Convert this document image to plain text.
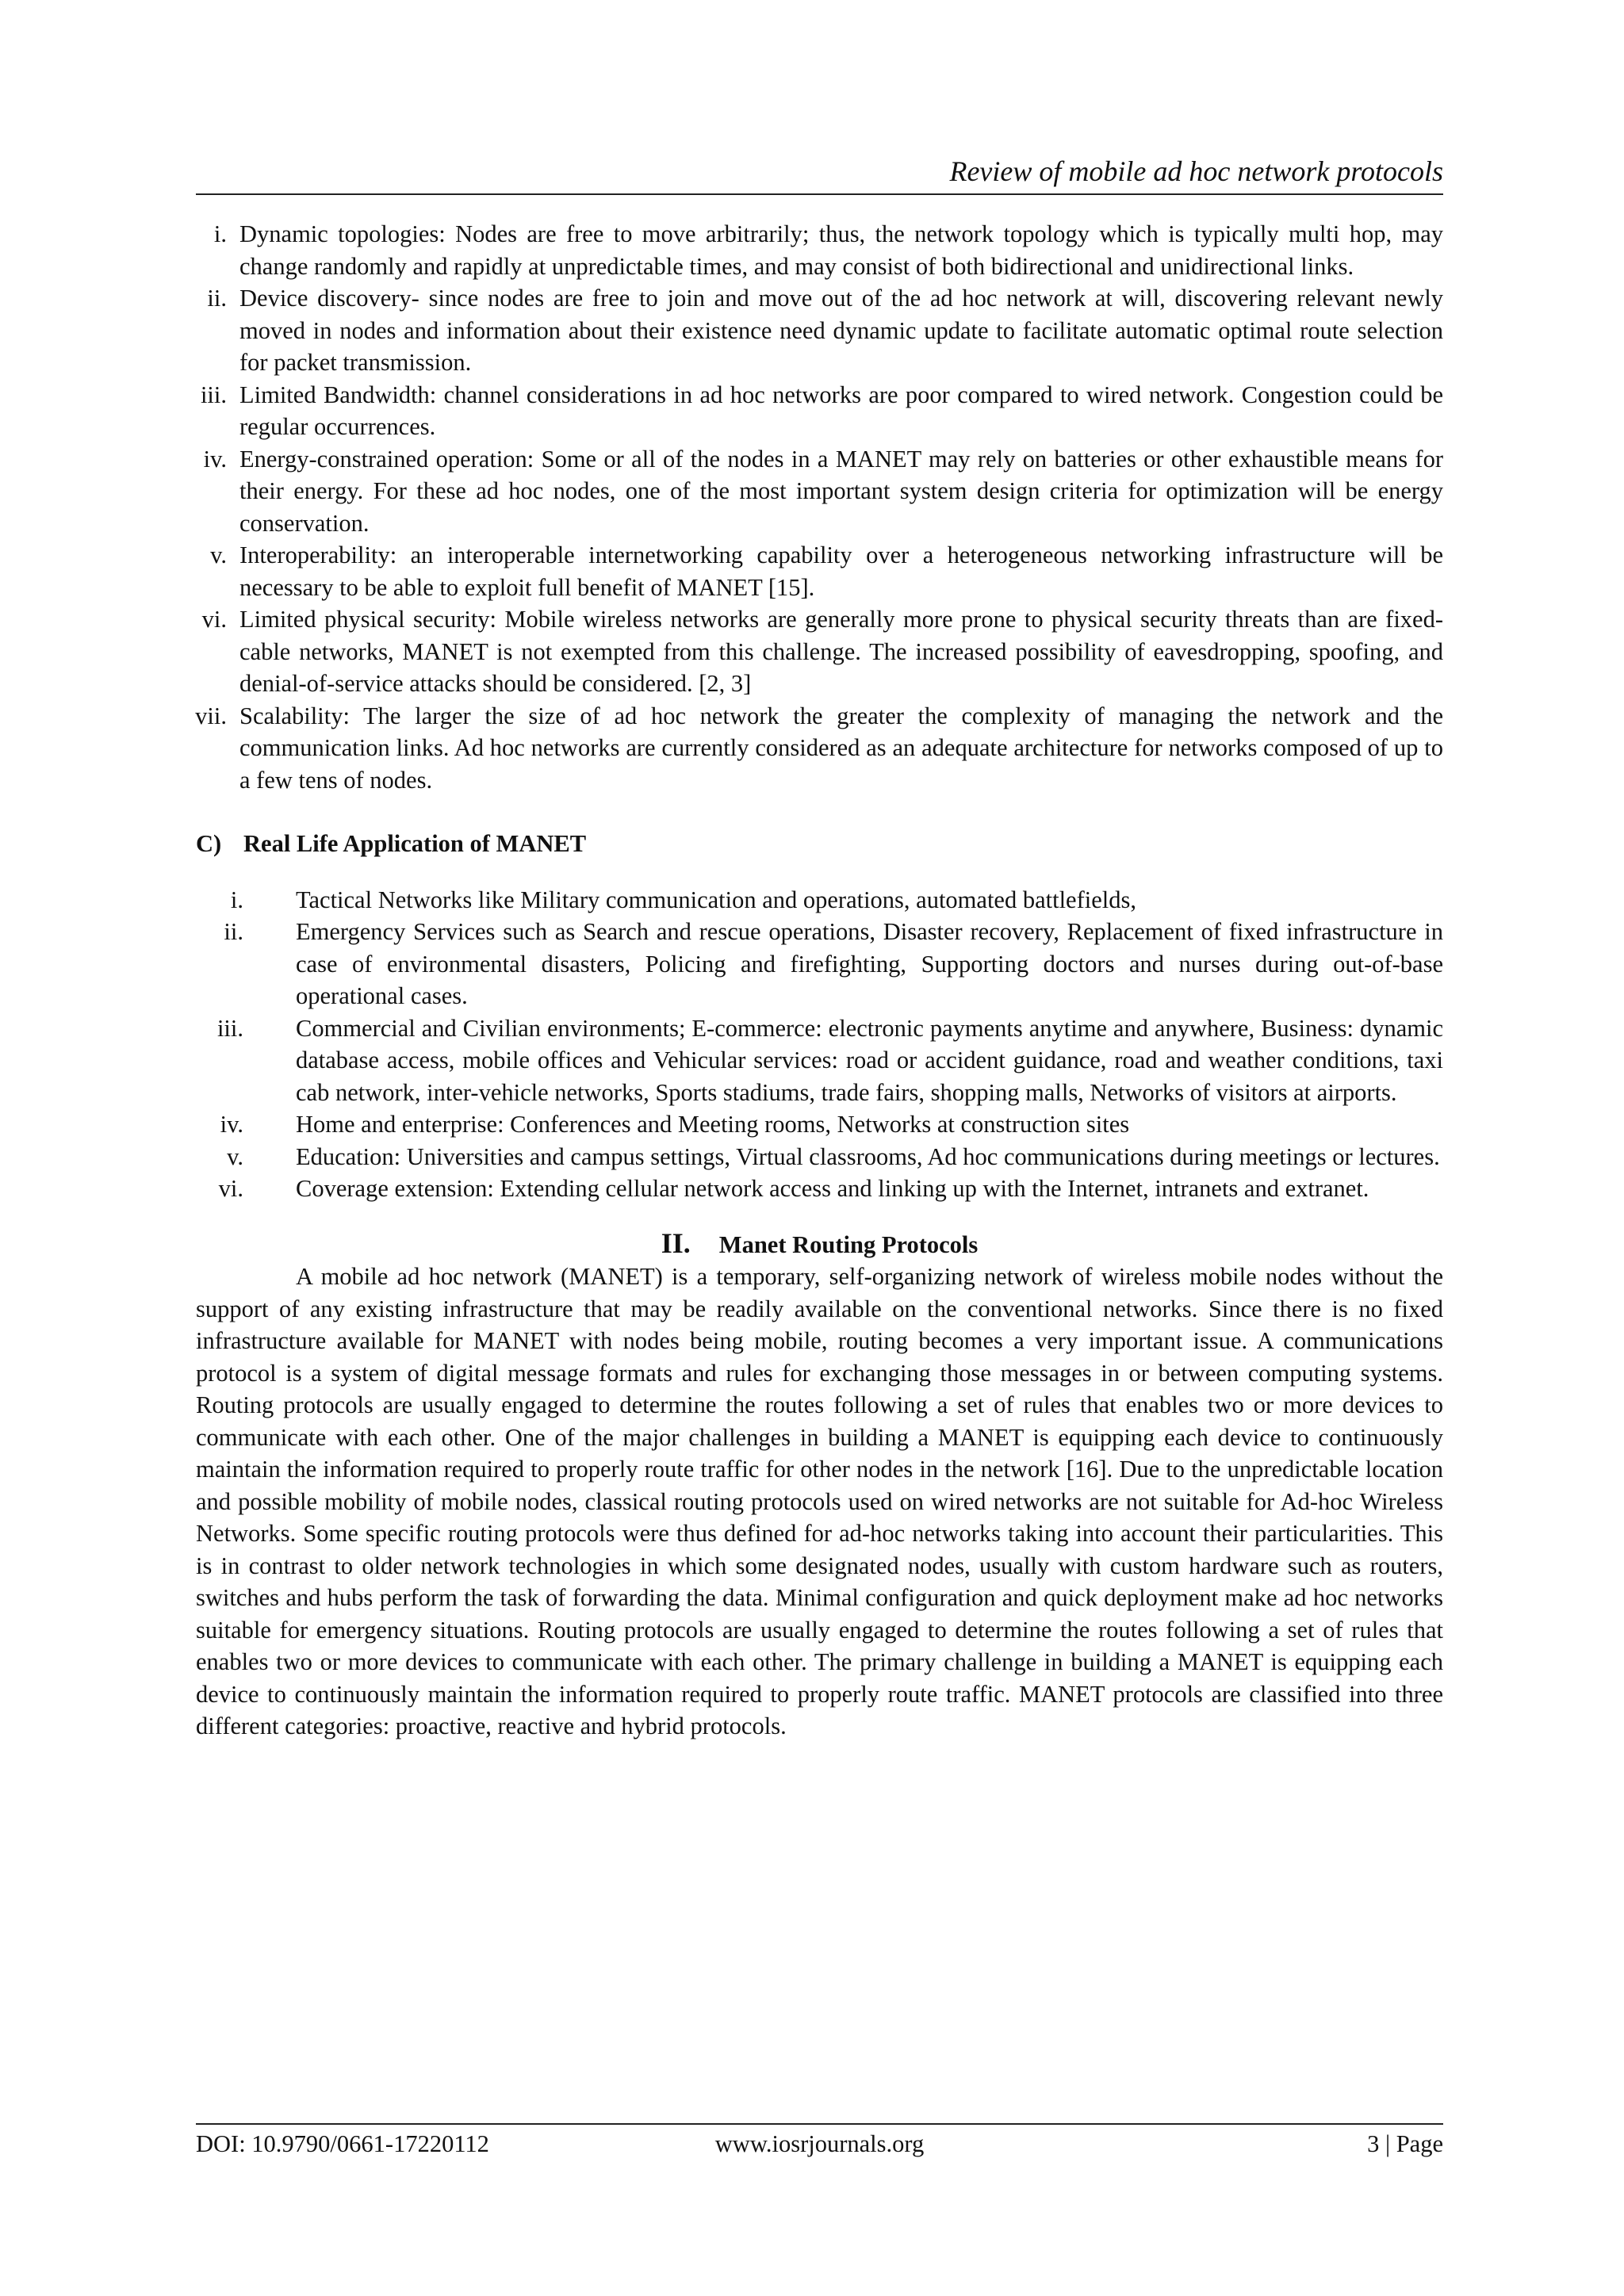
Review of mobile ad hoc network protocols
i. Dynamic topologies: Nodes are free to move arbitrarily; thus, the network topology which is typically multi hop, may change randomly and rapidly at unpredictable times, and may consist of both bidirectional and unidirectional links.
ii. Device discovery- since nodes are free to join and move out of the ad hoc network at will, discovering relevant newly moved in nodes and information about their existence need dynamic update to facilitate automatic optimal route selection for packet transmission.
iii. Limited Bandwidth: channel considerations in ad hoc networks are poor compared to wired network. Congestion could be regular occurrences.
iv. Energy-constrained operation: Some or all of the nodes in a MANET may rely on batteries or other exhaustible means for their energy. For these ad hoc nodes, one of the most important system design criteria for optimization will be energy conservation.
v. Interoperability: an interoperable internetworking capability over a heterogeneous networking infrastructure will be necessary to be able to exploit full benefit of MANET [15].
vi. Limited physical security: Mobile wireless networks are generally more prone to physical security threats than are fixed-cable networks, MANET is not exempted from this challenge. The increased possibility of eavesdropping, spoofing, and denial-of-service attacks should be considered. [2, 3]
vii. Scalability: The larger the size of ad hoc network the greater the complexity of managing the network and the communication links. Ad hoc networks are currently considered as an adequate architecture for networks composed of up to a few tens of nodes.
C) Real Life Application of MANET
i. Tactical Networks like Military communication and operations, automated battlefields,
ii. Emergency Services such as Search and rescue operations, Disaster recovery, Replacement of fixed infrastructure in case of environmental disasters, Policing and firefighting, Supporting doctors and nurses during out-of-base operational cases.
iii. Commercial and Civilian environments; E-commerce: electronic payments anytime and anywhere, Business: dynamic database access, mobile offices and Vehicular services: road or accident guidance, road and weather conditions, taxi cab network, inter-vehicle networks, Sports stadiums, trade fairs, shopping malls, Networks of visitors at airports.
iv. Home and enterprise: Conferences and Meeting rooms, Networks at construction sites
v. Education: Universities and campus settings, Virtual classrooms, Ad hoc communications during meetings or lectures.
vi. Coverage extension: Extending cellular network access and linking up with the Internet, intranets and extranet.
II. Manet Routing Protocols

A mobile ad hoc network (MANET) is a temporary, self-organizing network of wireless mobile nodes without the support of any existing infrastructure that may be readily available on the conventional networks. Since there is no fixed infrastructure available for MANET with nodes being mobile, routing becomes a very important issue. A communications protocol is a system of digital message formats and rules for exchanging those messages in or between computing systems. Routing protocols are usually engaged to determine the routes following a set of rules that enables two or more devices to communicate with each other. One of the major challenges in building a MANET is equipping each device to continuously maintain the information required to properly route traffic for other nodes in the network [16]. Due to the unpredictable location and possible mobility of mobile nodes, classical routing protocols used on wired networks are not suitable for Ad-hoc Wireless Networks. Some specific routing protocols were thus defined for ad-hoc networks taking into account their particularities. This is in contrast to older network technologies in which some designated nodes, usually with custom hardware such as routers, switches and hubs perform the task of forwarding the data. Minimal configuration and quick deployment make ad hoc networks suitable for emergency situations. Routing protocols are usually engaged to determine the routes following a set of rules that enables two or more devices to communicate with each other. The primary challenge in building a MANET is equipping each device to continuously maintain the information required to properly route traffic. MANET protocols are classified into three different categories: proactive, reactive and hybrid protocols.

DOI: 10.9790/0661-17220112	www.iosrjournals.org	3 | Page
